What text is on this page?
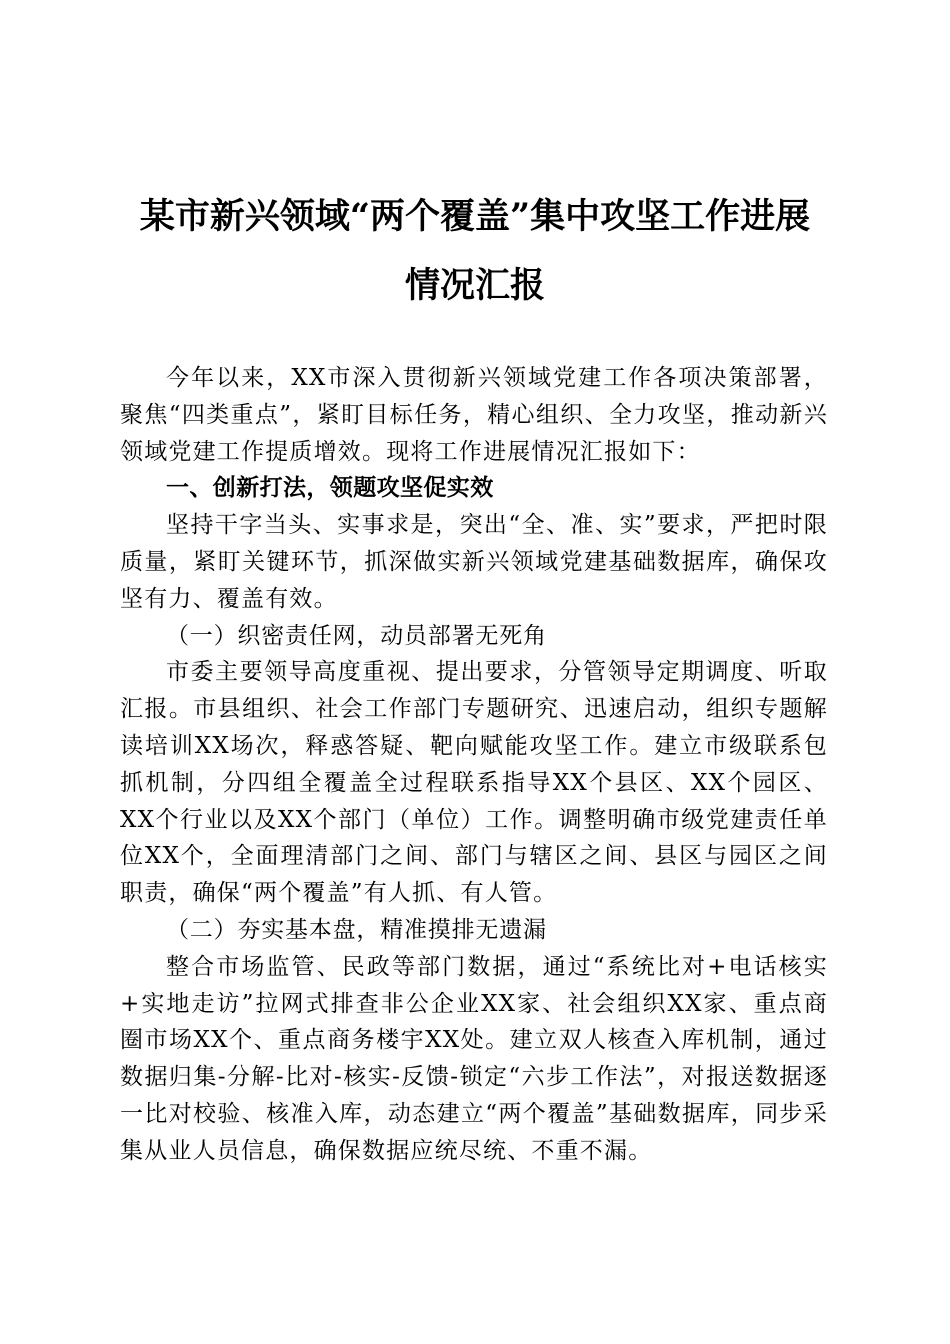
某市新兴领域“两个覆盖”集中攻坚工作进展
情况汇报

今年以来，XX市深入贯彻新兴领域党建工作各项决策部署，聚焦“四类重点”，紧盯目标任务，精心组织、全力攻坚，推动新兴领域党建工作提质增效。现将工作进展情况汇报如下：

一、创新打法，领题攻坚促实效

坚持干字当头、实事求是，突出“全、准、实”要求，严把时限质量，紧盯关键环节，抓深做实新兴领域党建基础数据库，确保攻坚有力、覆盖有效。

（一）织密责任网，动员部署无死角

市委主要领导高度重视、提出要求，分管领导定期调度、听取汇报。市县组织、社会工作部门专题研究、迅速启动，组织专题解读培训XX场次，释惑答疑、靶向赋能攻坚工作。建立市级联系包抓机制，分四组全覆盖全过程联系指导XX个县区、XX个园区、XX个行业以及XX个部门（单位）工作。调整明确市级党建责任单位XX个，全面理清部门之间、部门与辖区之间、县区与园区之间职责，确保“两个覆盖”有人抓、有人管。

（二）夯实基本盘，精准摸排无遗漏

整合市场监管、民政等部门数据，通过“系统比对+电话核实+实地走访”拉网式排查非公企业XX家、社会组织XX家、重点商圈市场XX个、重点商务楼宇XX处。建立双人核查入库机制，通过数据归集-分解-比对-核实-反馈-锁定“六步工作法”，对报送数据逐一比对校验、核准入库，动态建立“两个覆盖”基础数据库，同步采集从业人员信息，确保数据应统尽统、不重不漏。
